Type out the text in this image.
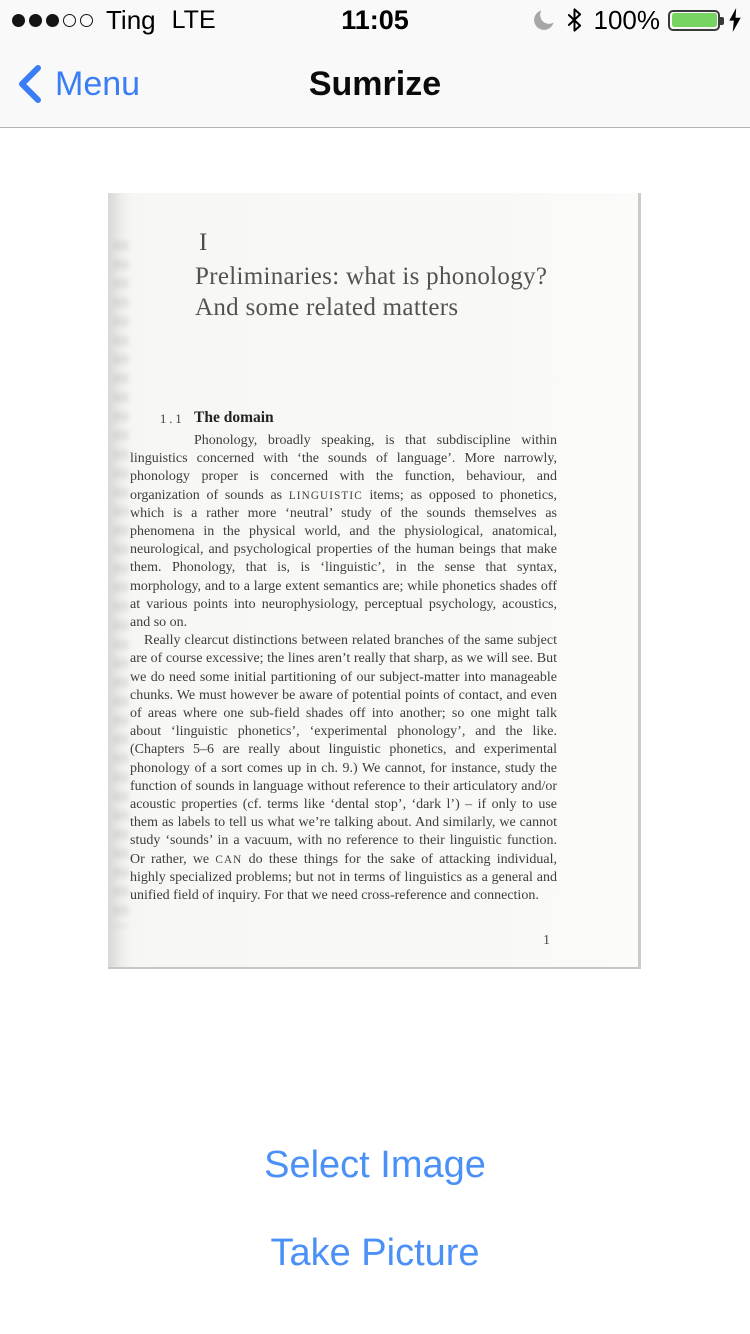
Ting LTE	11:05	100%
Menu	Sumrize
I
Preliminaries: what is phonology?
And some related matters
1.1 The domain

Phonology, broadly speaking, is that subdiscipline within linguistics concerned with ‘the sounds of language’. More narrowly, phonology proper is concerned with the function, behaviour, and organization of sounds as LINGUISTIC items; as opposed to phonetics, which is a rather more ‘neutral’ study of the sounds themselves as phenomena in the physical world, and the physiological, anatomical, neurological, and psychological properties of the human beings that make them. Phonology, that is, is ‘linguistic’, in the sense that syntax, morphology, and to a large extent semantics are; while phonetics shades off at various points into neurophysiology, perceptual psychology, acoustics, and so on.

Really clearcut distinctions between related branches of the same subject are of course excessive; the lines aren’t really that sharp, as we will see. But we do need some initial partitioning of our subject-matter into manageable chunks. We must however be aware of potential points of contact, and even of areas where one sub-field shades off into another; so one might talk about ‘linguistic phonetics’, ‘experimental phonology’, and the like. (Chapters 5–6 are really about linguistic phonetics, and experimental phonology of a sort comes up in ch. 9.) We cannot, for instance, study the function of sounds in language without reference to their articulatory and/or acoustic properties (cf. terms like ‘dental stop’, ‘dark l’) – if only to use them as labels to tell us what we’re talking about. And similarly, we cannot study ‘sounds’ in a vacuum, with no reference to their linguistic function. Or rather, we CAN do these things for the sake of attacking individual, highly specialized problems; but not in terms of linguistics as a general and unified field of inquiry. For that we need cross-reference and connection.

1
Select Image
Take Picture
